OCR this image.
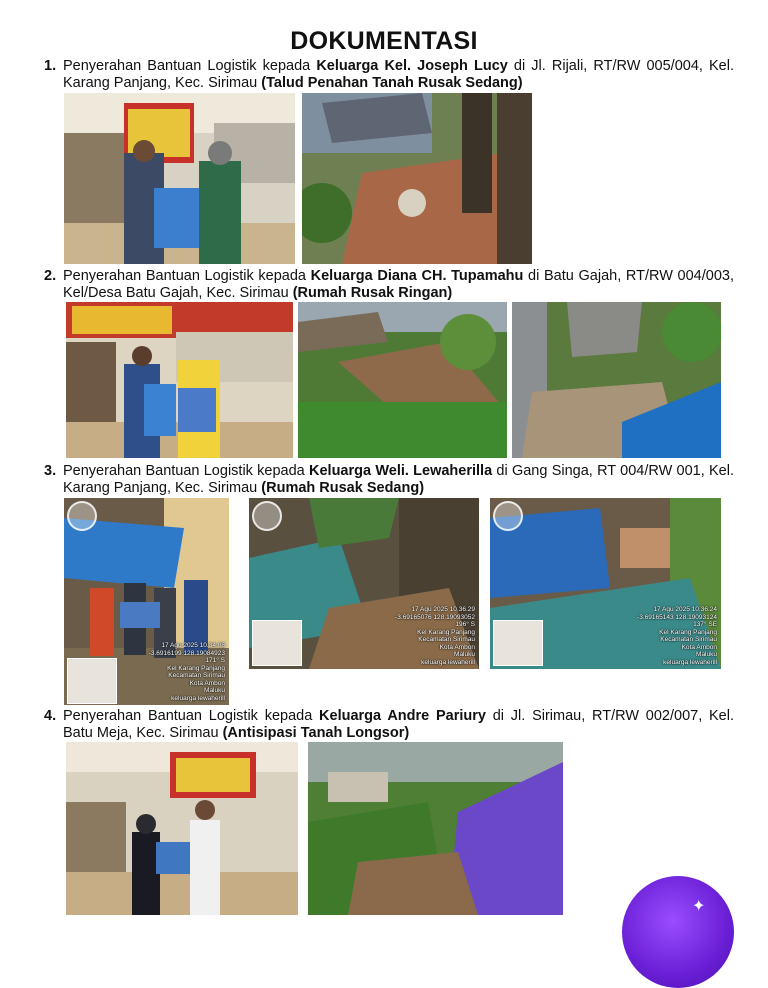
DOKUMENTASI
1. Penyerahan Bantuan Logistik kepada Keluarga Kel. Joseph Lucy di Jl. Rijali, RT/RW 005/004, Kel. Karang Panjang, Kec. Sirimau (Talud Penahan Tanah Rusak Sedang)
2. Penyerahan Bantuan Logistik kepada Keluarga Diana CH. Tupamahu di Batu Gajah, RT/RW 004/003, Kel/Desa Batu Gajah, Kec. Sirimau (Rumah Rusak Ringan)
3. Penyerahan Bantuan Logistik kepada Keluarga Weli. Lewaherilla di Gang Singa, RT 004/RW 001, Kel. Karang Panjang, Kec. Sirimau (Rumah Rusak Sedang)
17 Agu 2025 10.34.08
-3.6916199 128.19084923
171° S
Kel Karang Panjang
Kecamatan Sirimau
Kota Ambon
Maluku
keluarga lewaherill
17 Agu 2025 10.36.29
-3.69165076 128.19093052
196° S
Kel Karang Panjang
Kecamatan Sirimau
Kota Ambon
Maluku
keluarga lewaherill
17 Agu 2025 10.36.24
-3.69165143 128.19093124
137° SE
Kel Karang Panjang
Kecamatan Sirimau
Kota Ambon
Maluku
keluarga lewaherill
4. Penyerahan Bantuan Logistik kepada Keluarga Andre Pariury di Jl. Sirimau, RT/RW 002/007, Kel. Batu Meja, Kec. Sirimau (Antisipasi Tanah Longsor)
✦
